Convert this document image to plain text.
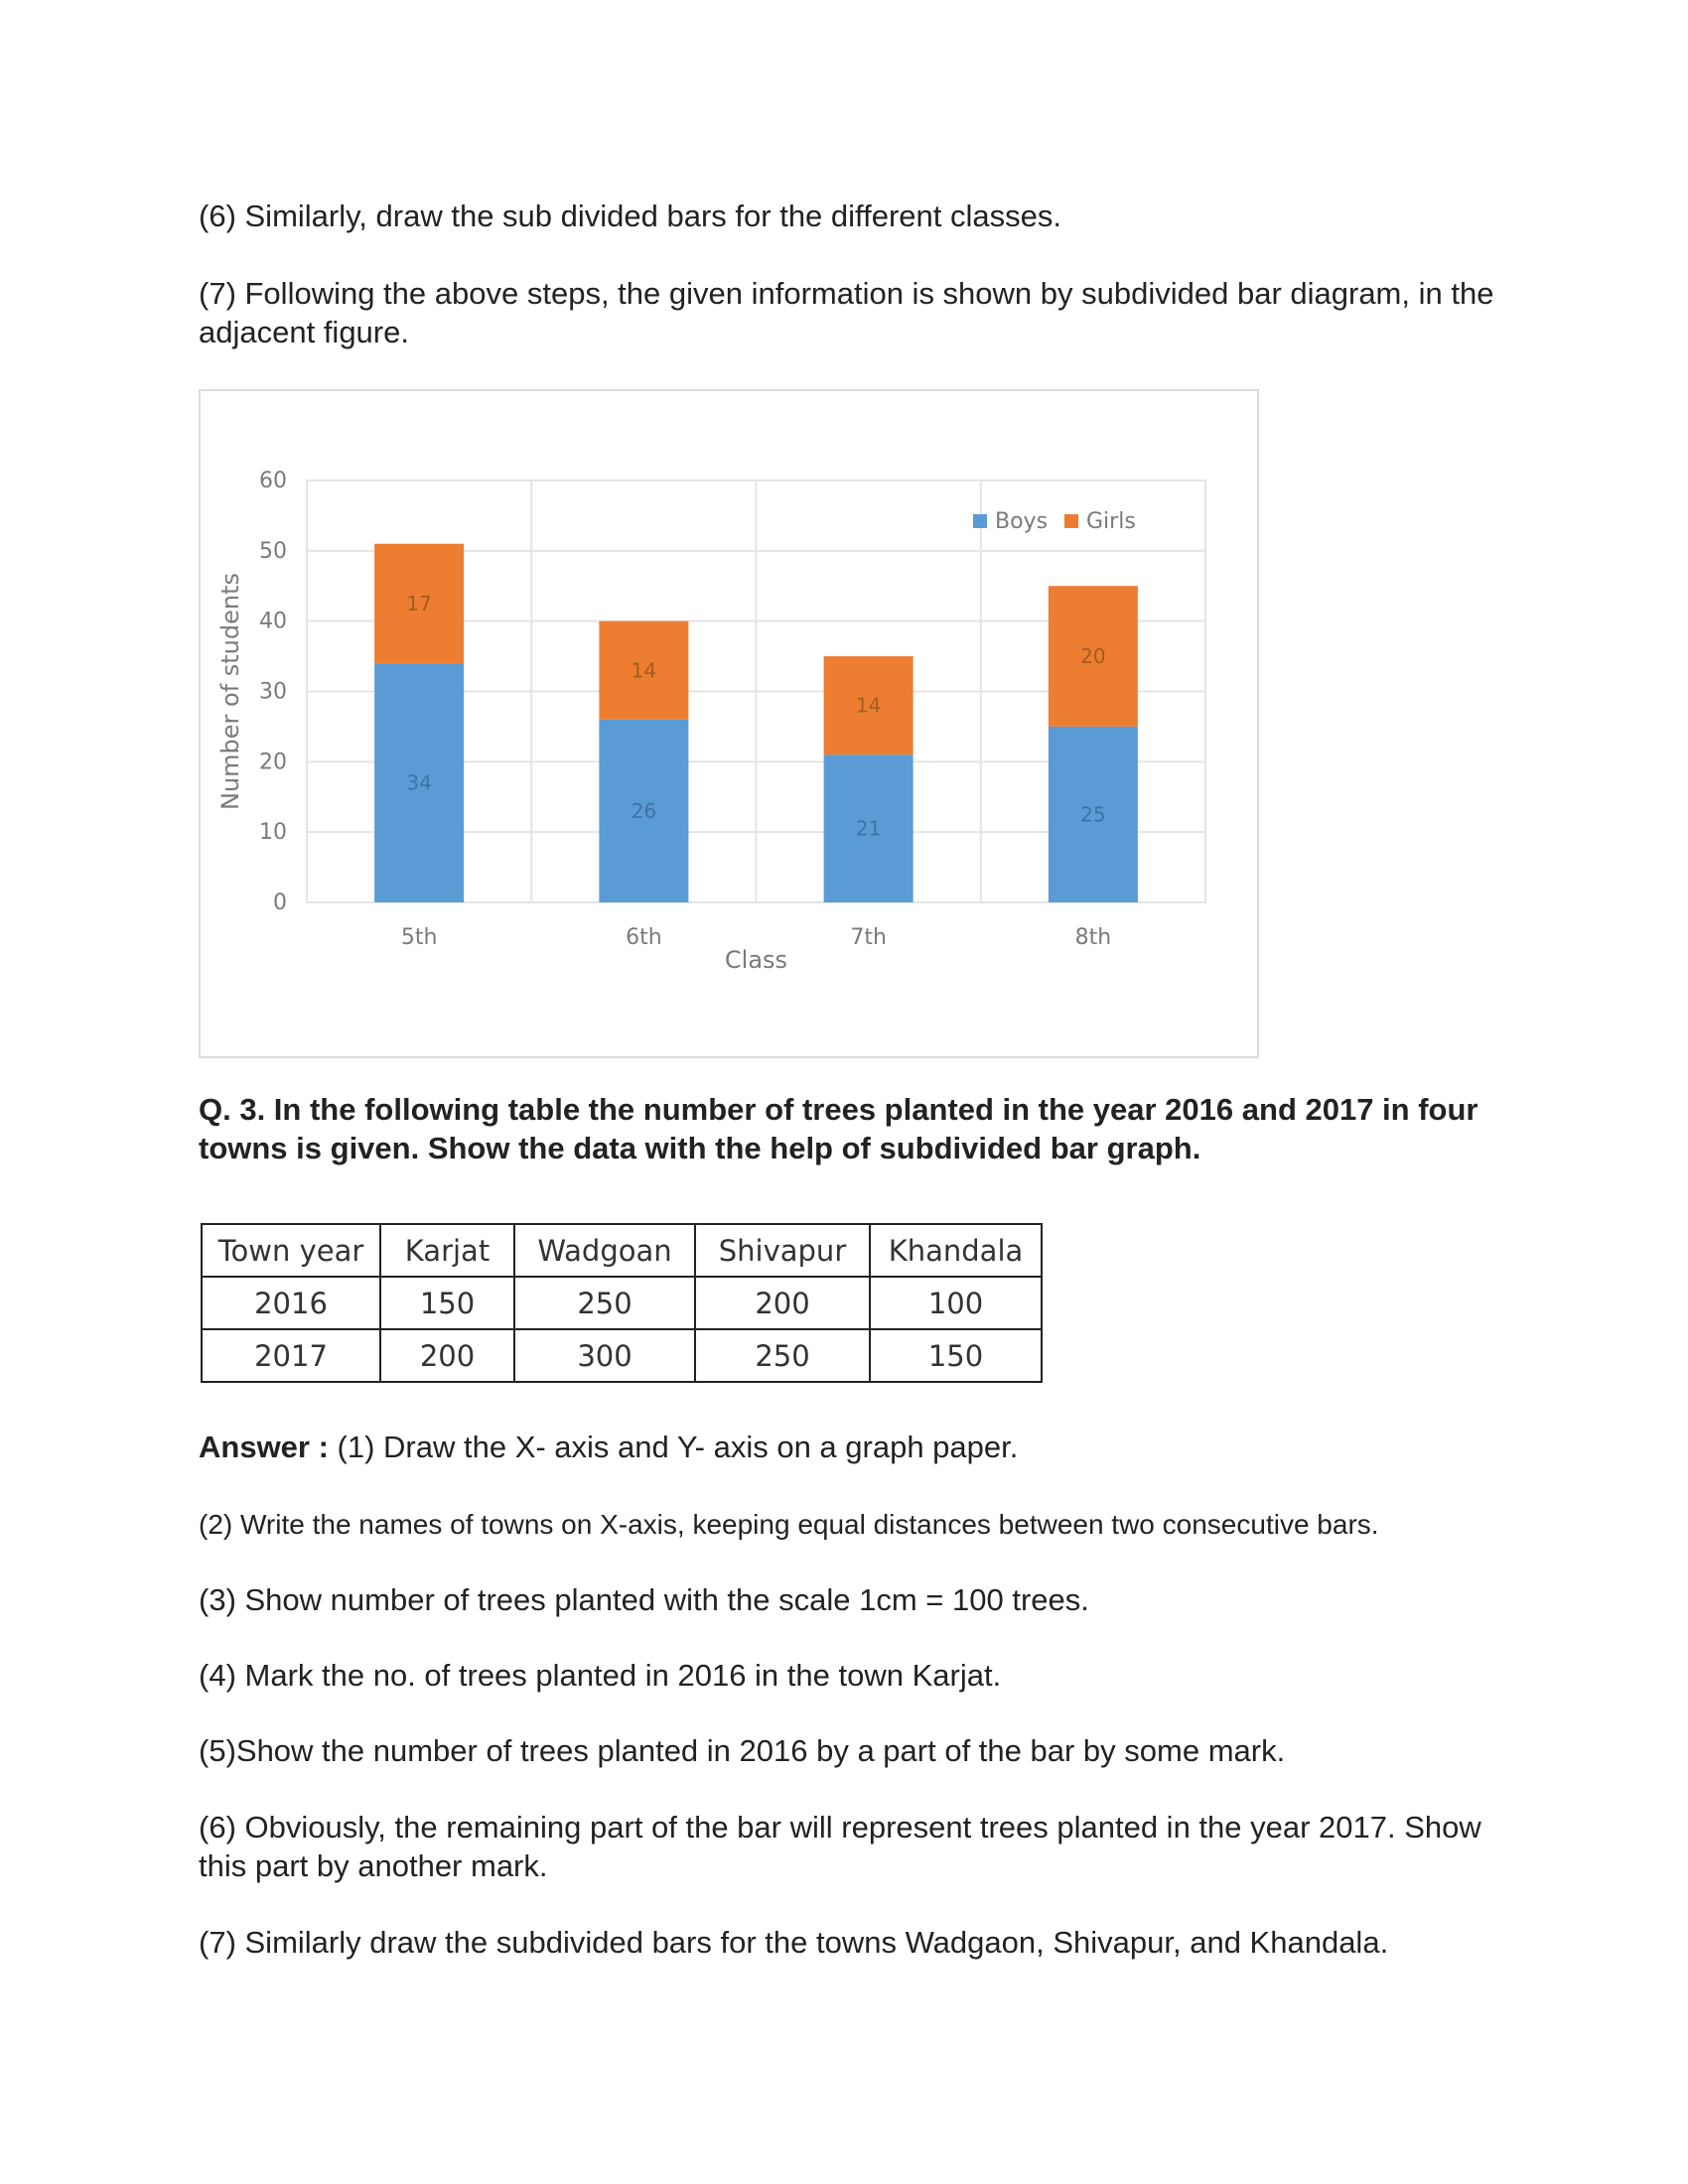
(6) Similarly, draw the sub divided bars for the different classes.

(7) Following the above steps, the given information is shown by subdivided bar diagram, in the adjacent figure.

0
10
20
30
40
50
60
34
17
5th
26
14
6th
21
14
7th
25
20
8th
Class
Number of students
Boys Girls

Q. 3. In the following table the number of trees planted in the year 2016 and 2017 in four towns is given. Show the data with the help of subdivided bar graph.

Town year	Karjat	Wadgoan	Shivapur	Khandala
2016	150	250	200	100
2017	200	300	250	150

Answer : (1) Draw the X- axis and Y- axis on a graph paper.

(2) Write the names of towns on X-axis, keeping equal distances between two consecutive bars.

(3) Show number of trees planted with the scale 1cm = 100 trees.

(4) Mark the no. of trees planted in 2016 in the town Karjat.

(5)Show the number of trees planted in 2016 by a part of the bar by some mark.

(6) Obviously, the remaining part of the bar will represent trees planted in the year 2017. Show this part by another mark.

(7) Similarly draw the subdivided bars for the towns Wadgaon, Shivapur, and Khandala.
